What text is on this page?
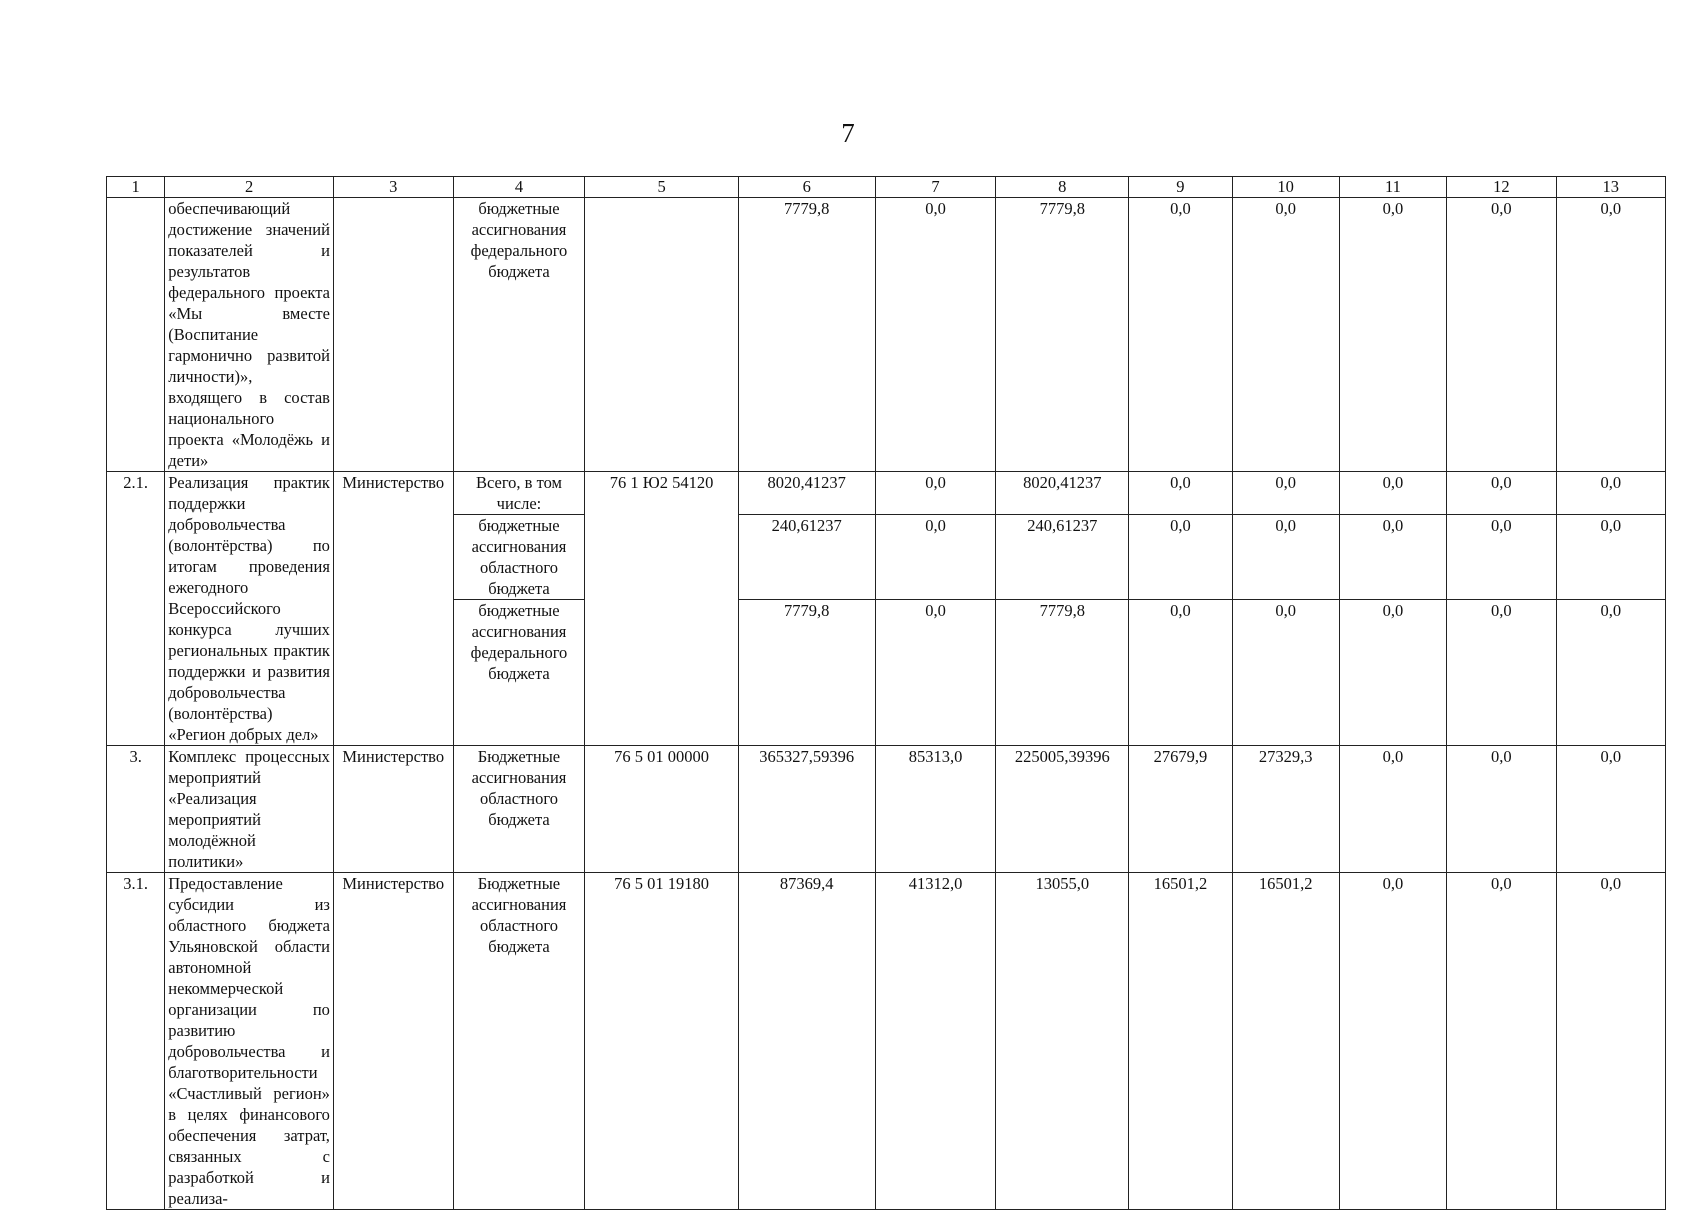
7
1	2	3	4	5	6	7	8	9	10	11	12	13
	обеспечивающий достижение значений показателей и результатов федерального проекта «Мы вместе (Воспитание гармонично развитой личности)», входящего в состав национального проекта «Молодёжь и дети»		бюджетные ассигнования федерального бюджета		7779,8	0,0	7779,8	0,0	0,0	0,0	0,0	0,0
2.1.	Реализация практик поддержки добровольчества (волонтёрства) по итогам проведения ежегодного Всероссийского конкурса лучших региональных практик поддержки и развития добровольчества (волонтёрства) «Регион добрых дел»	Министерство	Всего, в том числе:	76 1 Ю2 54120	8020,41237	0,0	8020,41237	0,0	0,0	0,0	0,0	0,0
			бюджетные ассигнования областного бюджета		240,61237	0,0	240,61237	0,0	0,0	0,0	0,0	0,0
			бюджетные ассигнования федерального бюджета		7779,8	0,0	7779,8	0,0	0,0	0,0	0,0	0,0
3.	Комплекс процессных мероприятий «Реализация мероприятий молодёжной политики»	Министерство	Бюджетные ассигнования областного бюджета	76 5 01 00000	365327,59396	85313,0	225005,39396	27679,9	27329,3	0,0	0,0	0,0
3.1.	Предоставление субсидии из областного бюджета Ульяновской области автономной некоммерческой организации по развитию добровольчества и благотворительности «Счастливый регион» в целях финансового обеспечения затрат, связанных с разработкой и реализа-	Министерство	Бюджетные ассигнования областного бюджета	76 5 01 19180	87369,4	41312,0	13055,0	16501,2	16501,2	0,0	0,0	0,0
